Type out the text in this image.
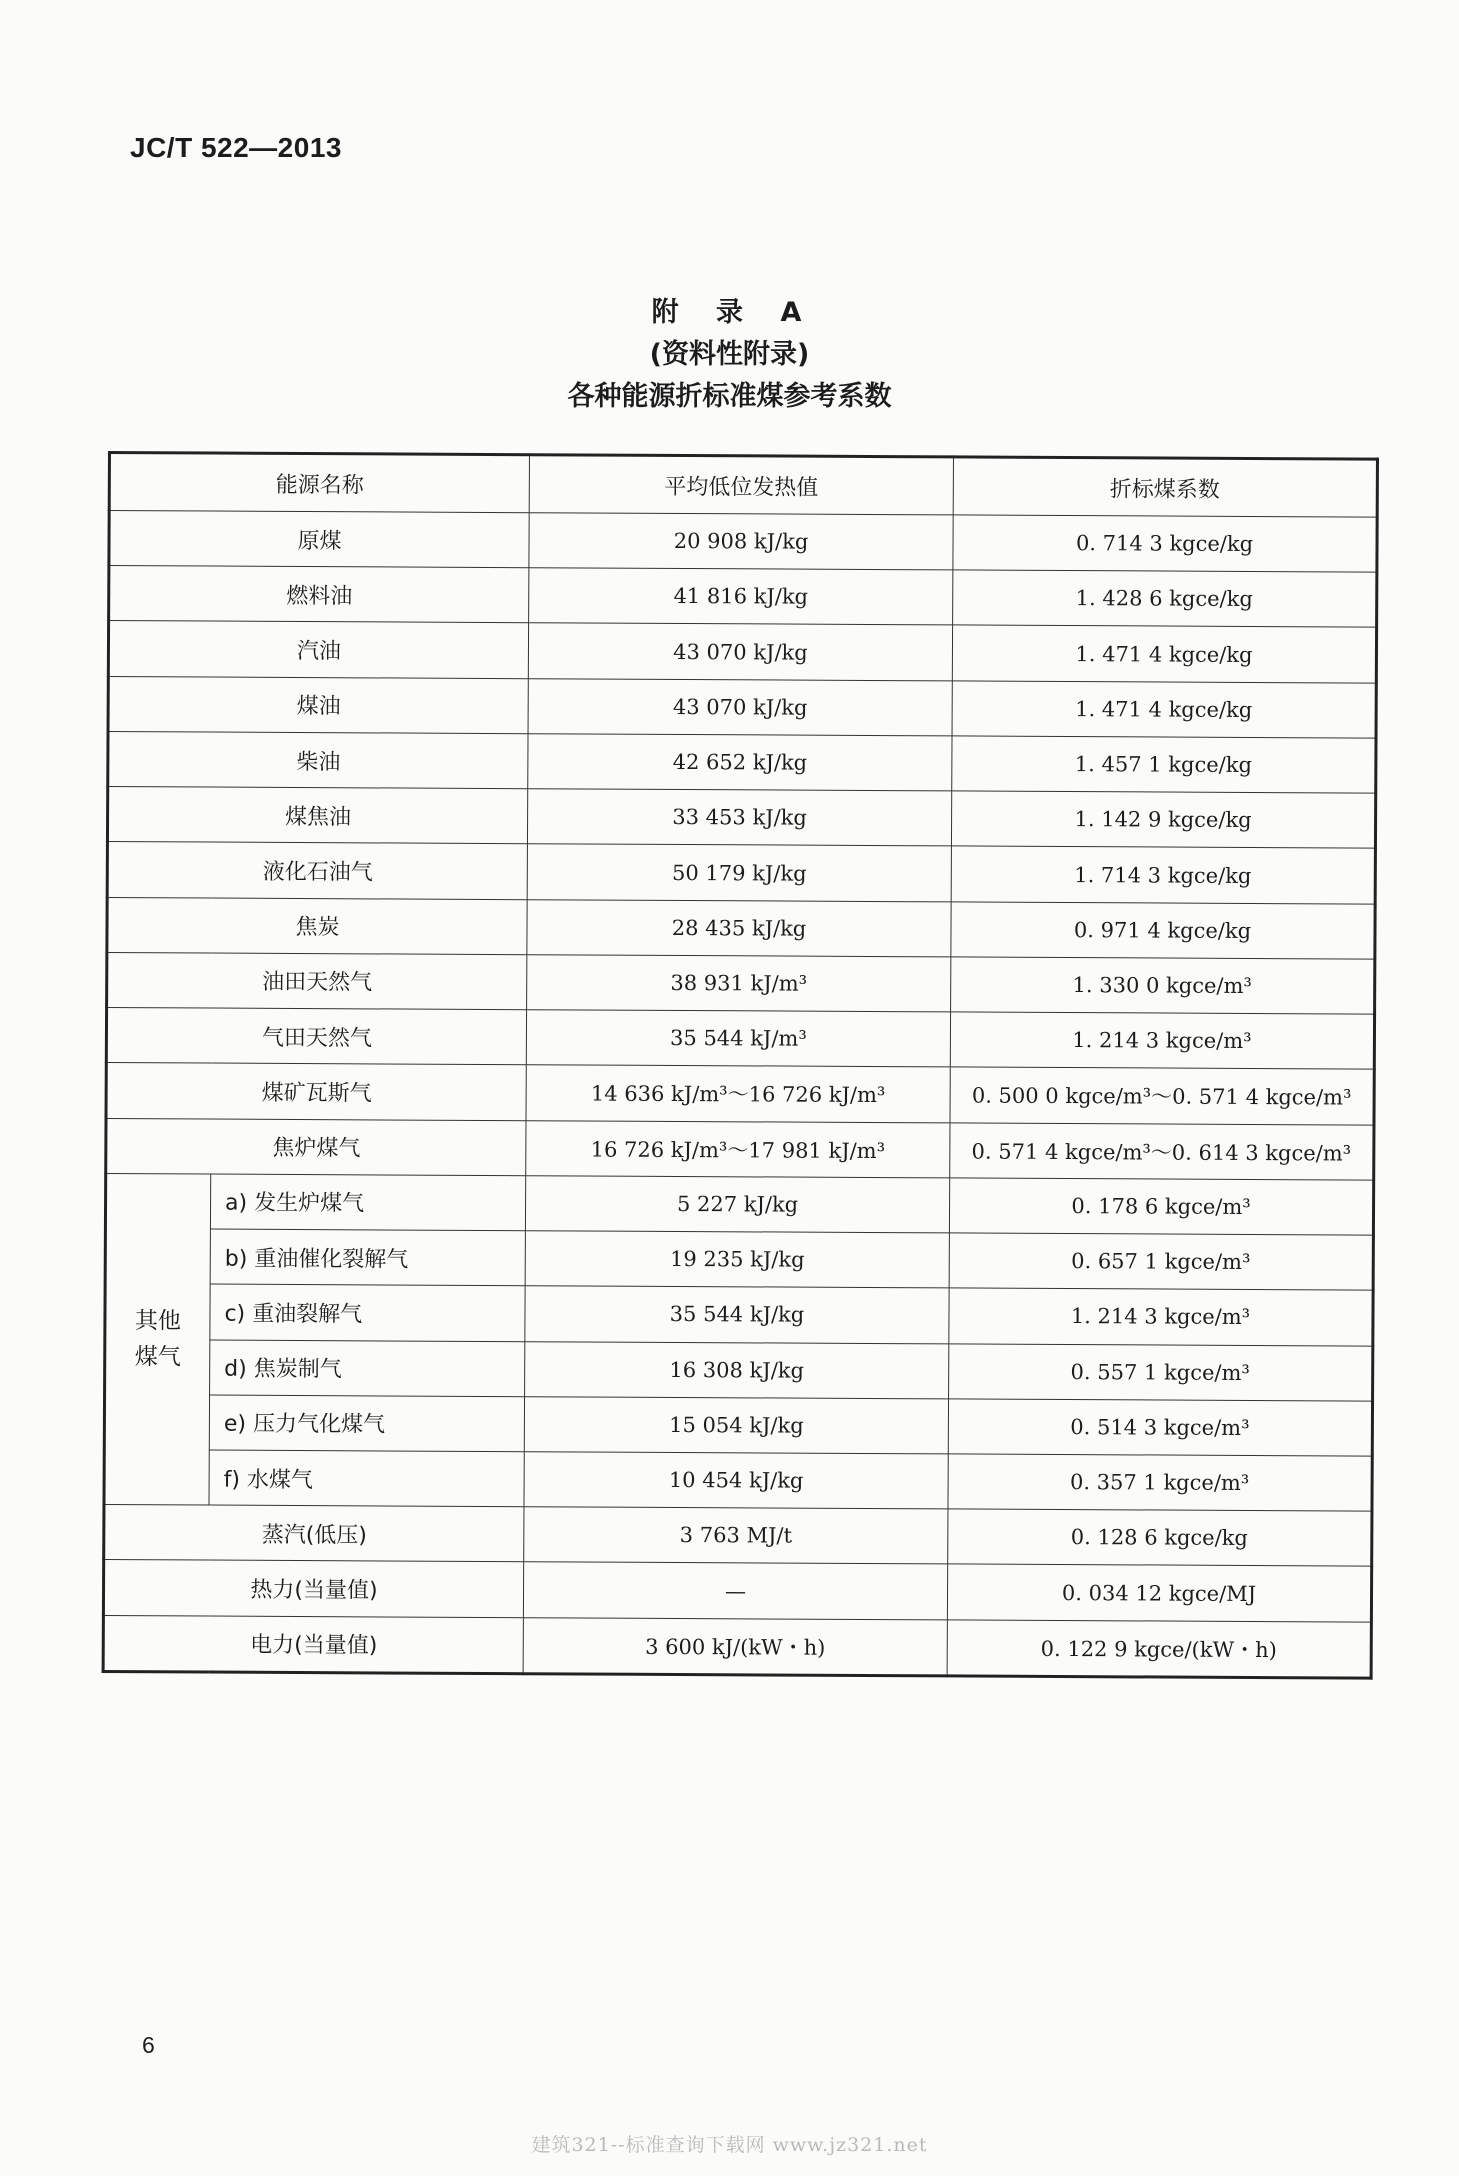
JC/T 522—2013
附 录 A
(资料性附录)
各种能源折标准煤参考系数
能源名称		平均低位发热值	折标煤系数
原煤		20 908 kJ/kg	0. 714 3 kgce/kg
燃料油		41 816 kJ/kg	1. 428 6 kgce/kg
汽油		43 070 kJ/kg	1. 471 4 kgce/kg
煤油		43 070 kJ/kg	1. 471 4 kgce/kg
柴油		42 652 kJ/kg	1. 457 1 kgce/kg
煤焦油		33 453 kJ/kg	1. 142 9 kgce/kg
液化石油气		50 179 kJ/kg	1. 714 3 kgce/kg
焦炭		28 435 kJ/kg	0. 971 4 kgce/kg
油田天然气		38 931 kJ/m³	1. 330 0 kgce/m³
气田天然气		35 544 kJ/m³	1. 214 3 kgce/m³
煤矿瓦斯气		14 636 kJ/m³～16 726 kJ/m³	0. 500 0 kgce/m³～0. 571 4 kgce/m³
焦炉煤气		16 726 kJ/m³～17 981 kJ/m³	0. 571 4 kgce/m³～0. 614 3 kgce/m³

其他
煤气	a) 发生炉煤气	5 227 kJ/kg	0. 178 6 kgce/m³
	b) 重油催化裂解气	19 235 kJ/kg	0. 657 1 kgce/m³
	c) 重油裂解气	35 544 kJ/kg	1. 214 3 kgce/m³
	d) 焦炭制气	16 308 kJ/kg	0. 557 1 kgce/m³
	e) 压力气化煤气	15 054 kJ/kg	0. 514 3 kgce/m³
	f) 水煤气	10 454 kJ/kg	0. 357 1 kgce/m³
蒸汽(低压)		3 763 MJ/t	0. 128 6 kgce/kg
热力(当量值)		—	0. 034 12 kgce/MJ
电力(当量值)		3 600 kJ/(kW・h)	0. 122 9 kgce/(kW・h)
6
建筑321--标准查询下载网 www.jz321.net
